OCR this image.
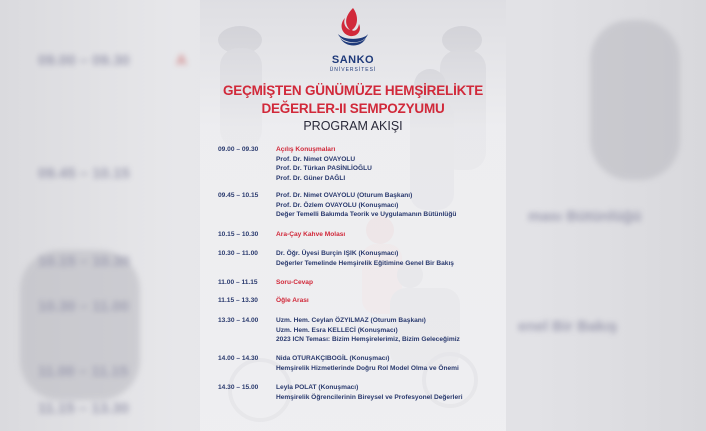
09.00 – 09.30	A
09.45 – 10.15
ması Bütünlüğü
10.15 – 10.30
10.30 – 11.00
enel Bir Bakış
11.00 – 11.15
11.15 – 13.30
SANKO
ÜNİVERSİTESİ
GEÇMİŞTEN GÜNÜMÜZE HEMŞİRELİKTE
DEĞERLER-II SEMPOZYUMU
PROGRAM AKIŞI
09.00 – 09.30	Açılış Konuşmaları
Prof. Dr. Nimet OVAYOLU
Prof. Dr. Türkan PASİNLİOĞLU
Prof. Dr. Güner DAĞLI
09.45 – 10.15	Prof. Dr. Nimet OVAYOLU (Oturum Başkanı)
Prof. Dr. Özlem OVAYOLU (Konuşmacı)
Değer Temelli Bakımda Teorik ve Uygulamanın Bütünlüğü
10.15 – 10.30	Ara-Çay Kahve Molası
10.30 – 11.00	Dr. Öğr. Üyesi Burçin IŞIK (Konuşmacı)
Değerler Temelinde Hemşirelik Eğitimine Genel Bir Bakış
11.00 – 11.15	Soru-Cevap
11.15 – 13.30	Öğle Arası
13.30 – 14.00	Uzm. Hem. Ceylan ÖZYILMAZ (Oturum Başkanı)
Uzm. Hem. Esra KELLECİ (Konuşmacı)
2023 ICN Teması: Bizim Hemşirelerimiz, Bizim Geleceğimiz
14.00 – 14.30	Nida OTURAKÇIBOGİL (Konuşmacı)
Hemşirelik Hizmetlerinde Doğru Rol Model Olma ve Önemi
14.30 – 15.00	Leyla POLAT (Konuşmacı)
Hemşirelik Öğrencilerinin Bireysel ve Profesyonel Değerleri
